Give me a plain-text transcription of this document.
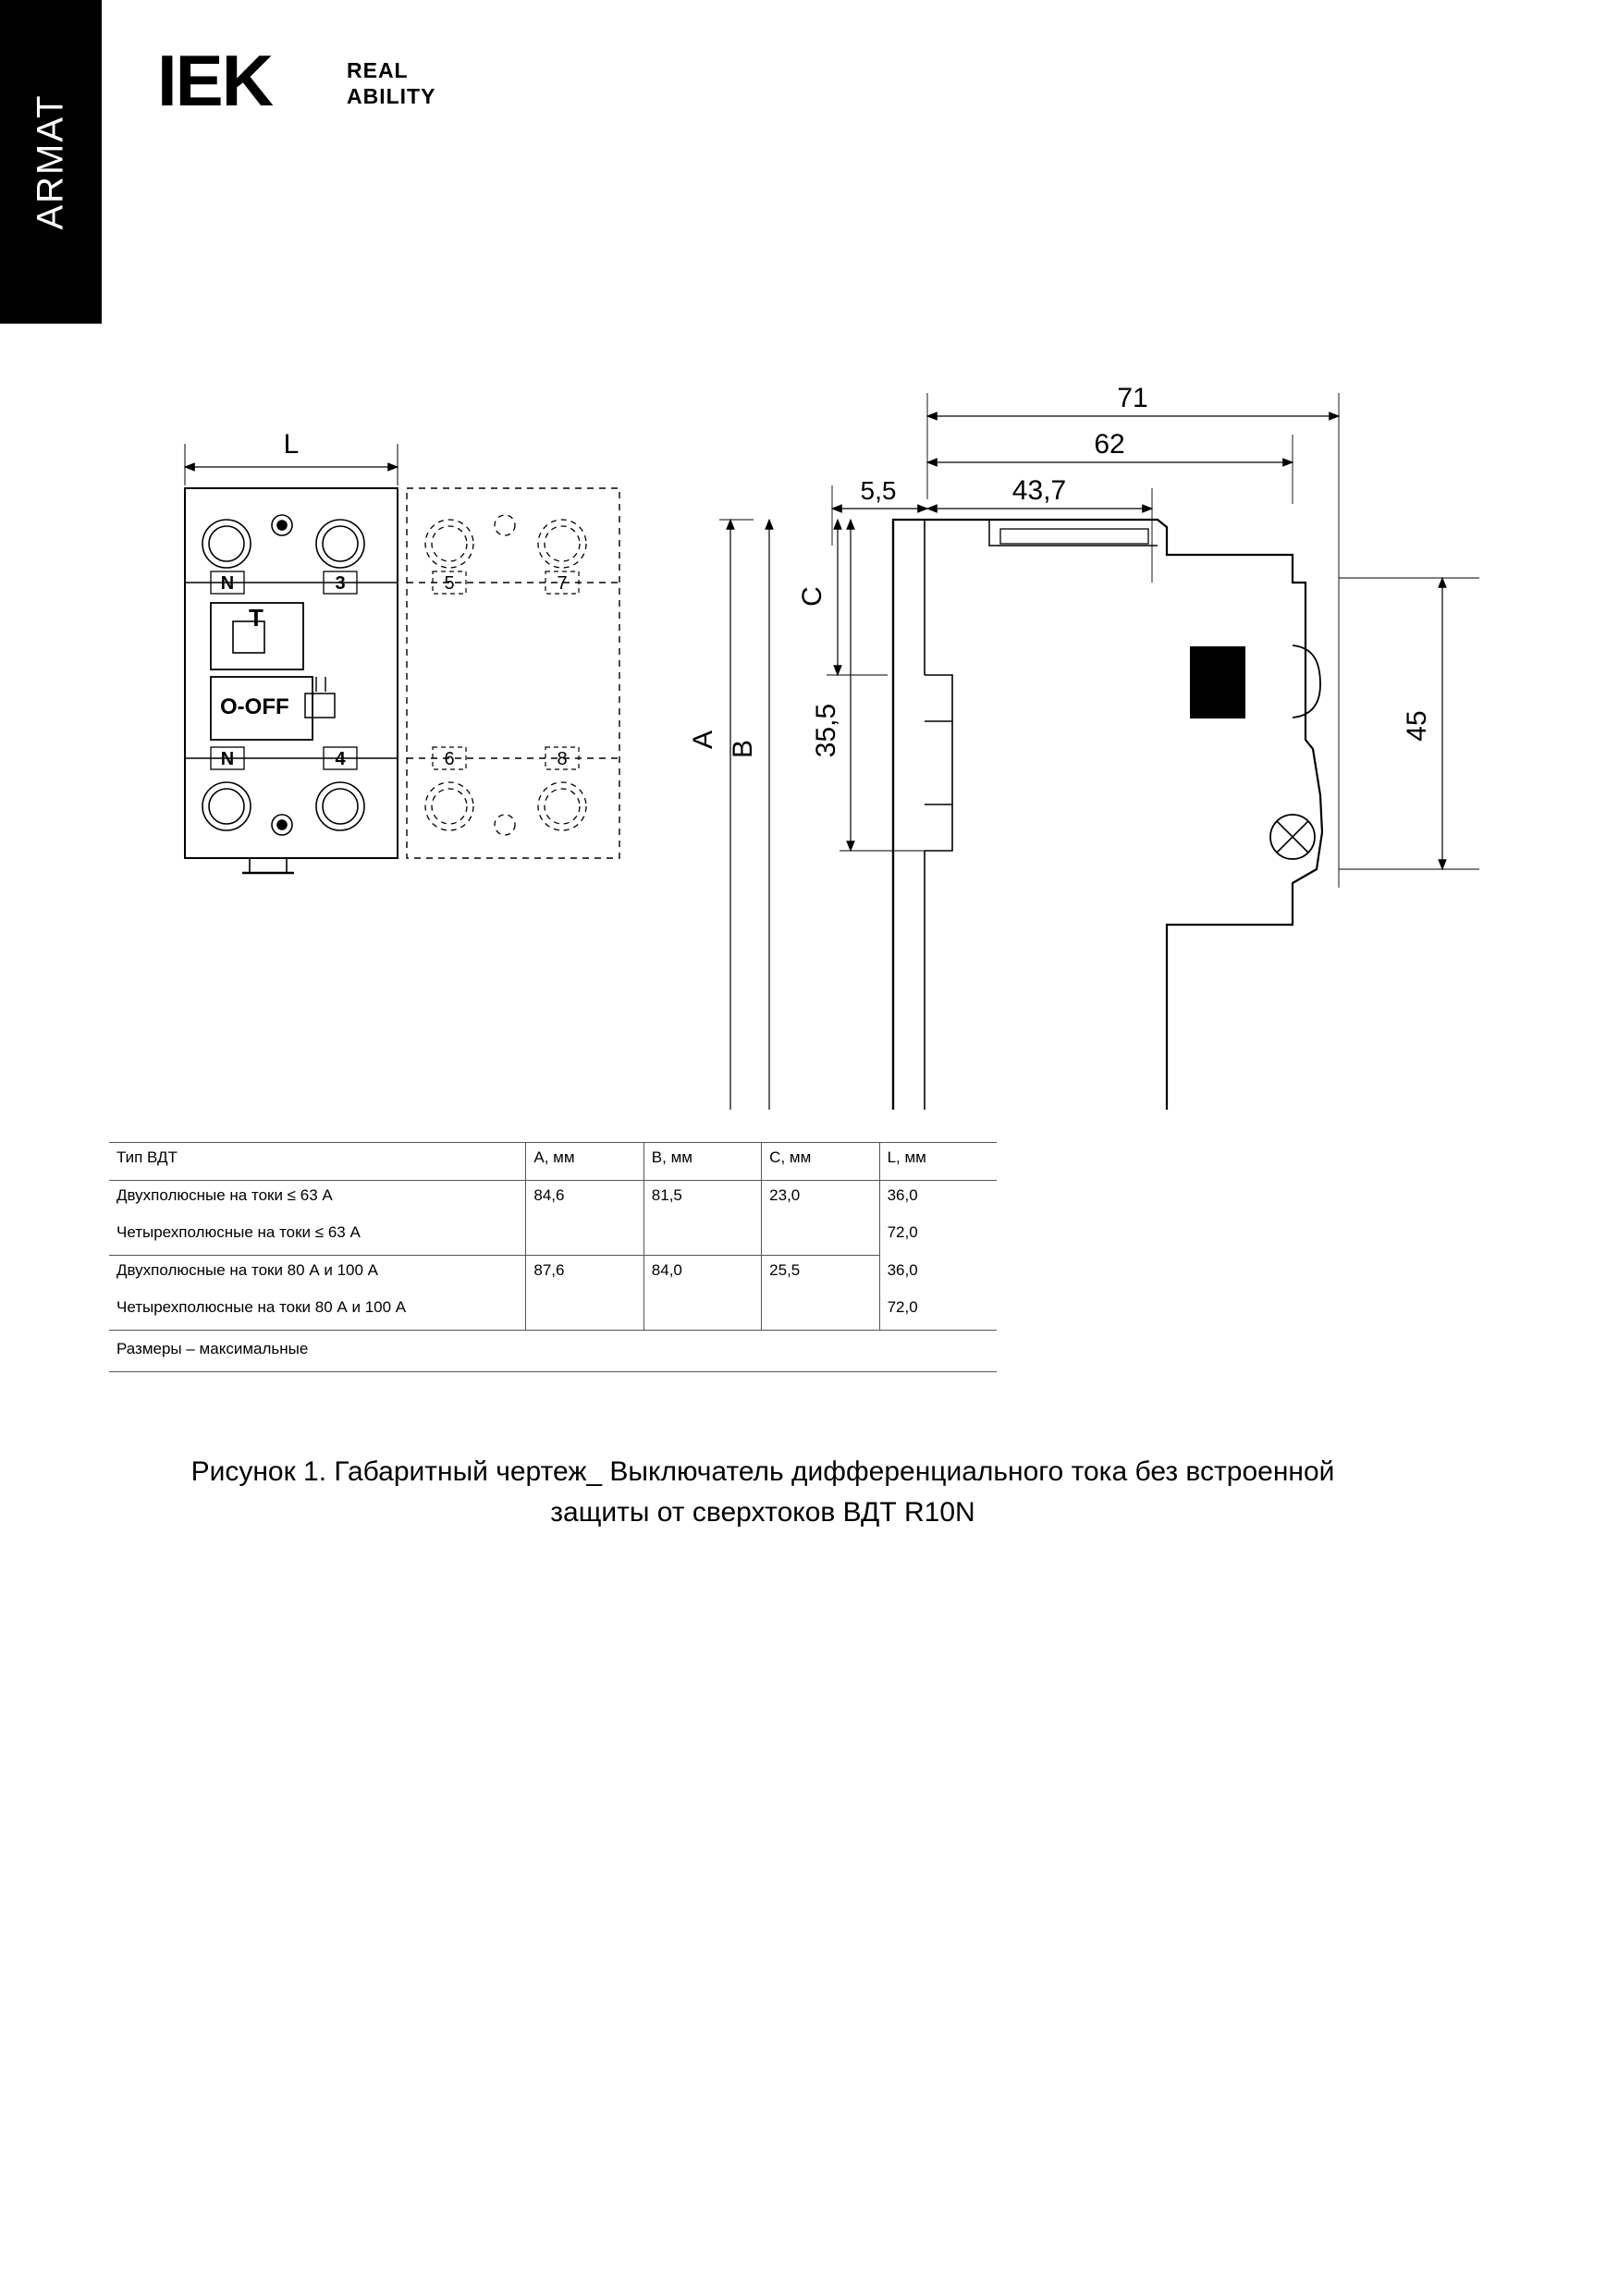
ARMAT
IEK	REAL
ABILITY
L
N	3	5	7
N	4	6	8
T
O-OFF
71
62
5,5	43,7
A B
C
35,5	45
Тип ВДТ	A, мм	B, мм	C, мм	L, мм
Двухполюсные на токи ≤ 63 А	84,6	81,5	23,0	36,0
Четырехполюсные на токи ≤ 63 А				72,0
Двухполюсные на токи 80 А и 100 А	87,6	84,0	25,5	36,0
Четырехполюсные на токи 80 А и 100 А				72,0
Размеры – максимальные				
Рисунок 1. Габаритный чертеж_ Выключатель дифференциального тока без встроенной
защиты от сверхтоков ВДТ R10N
